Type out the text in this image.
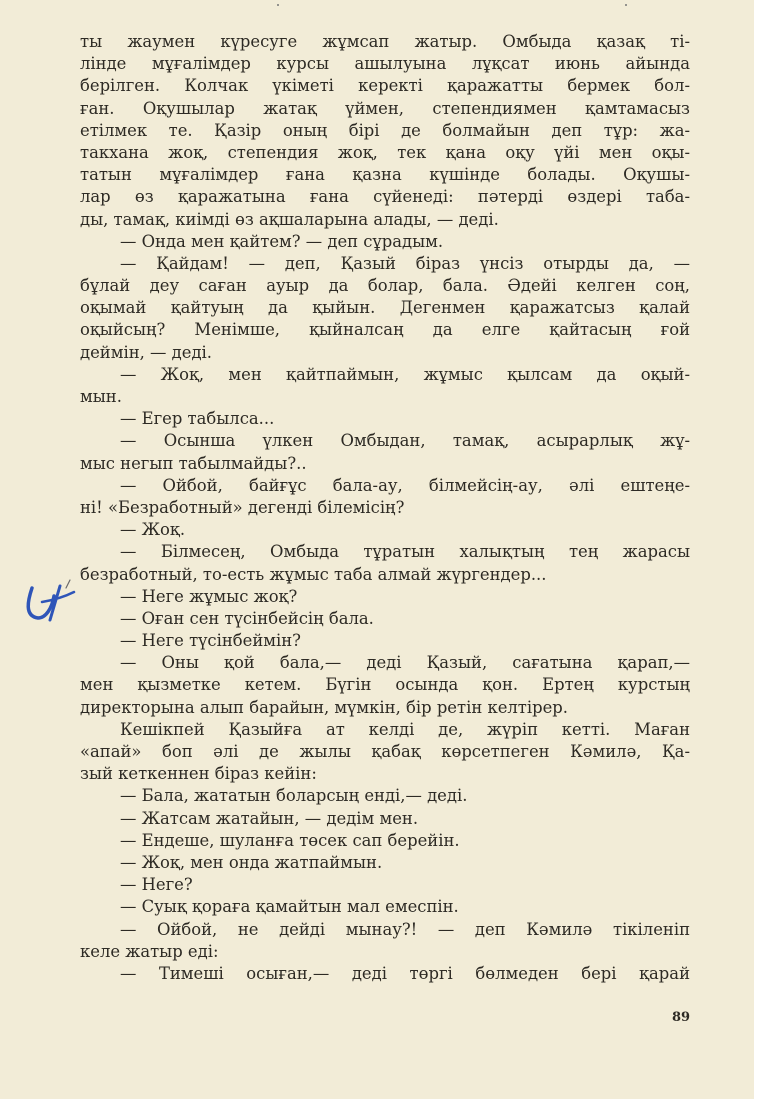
ты жаумен күреcуге жұмсап жатыр. Омбыда қазақ ті-
лінде мұғалімдер курсы ашылуына лұқсат июнь айында
берілген. Колчак үкіметі керекті қаражатты бермек бол-
ған. Оқушылар жатақ үймен, степендиямен қамтамасыз
етілмек те. Қазір оның бірі де болмайын деп тұр: жа-
такхана жоқ, степендия жоқ, тек қана оқу үйі мен оқы-
татын мұғалімдер ғана қазна күшінде болады. Оқушы-
лар өз қаражатына ғана сүйенеді: пәтерді өздері таба-
ды, тамақ, киімді өз ақшаларына алады, — деді.
— Онда мен қайтем? — деп сұрадым.
— Қайдам! — деп, Қазый біраз үнсіз отырды да, —
бұлай деу саған ауыр да болар, бала. Әдейі келген соң,
оқымай қайтуың да қыйын. Дегенмен қаражатсыз қалай
оқыйсың? Менімше, қыйналсаң да елге қайтасың ғой
деймін, — деді.
— Жоқ, мен қайтпаймын, жұмыс қылсам да оқый-
мын.
— Егер табылса...
— Осынша үлкен Омбыдан, тамақ, асырарлық жұ-
мыс негып табылмайды?..
— Ойбой, байғұс бала-ау, білмейсің-ау, әлі ештеңе-
ні! «Безработный» дегенді білемісің?
— Жоқ.
— Білмесең, Омбыда тұратын халықтың тең жарасы
безработный, то-есть жұмыс таба алмай жүргендер...
— Неге жұмыс жоқ?
— Оған сен түсінбейсің бала.
— Неге түсінбеймін?
— Оны қой бала,— деді Қазый, сағатына қарап,—
мен қызметке кетем. Бүгін осында қон. Ертең курстың
директорына алып барайын, мүмкін, бір ретін келтірер.
Кешікпей Қазыйға ат келді де, жүріп кетті. Маған
«апай» боп әлі де жылы қабақ көрсетпеген Кәмилә, Қа-
зый кеткеннен біраз кейін:
— Бала, жататын боларсың енді,— деді.
— Жатсам жатайын, — дедім мен.
— Ендеше, шуланға төсек сап берейін.
— Жоқ, мен онда жатпаймын.
— Неге?
— Суық қораға қамайтын мал емеспін.
— Ойбой, не дейді мынау?! — деп Кәмилә тікіленіп
келе жатыр еді:
— Тимеші осыған,— деді төргі бөлмеден бері қарай
89
